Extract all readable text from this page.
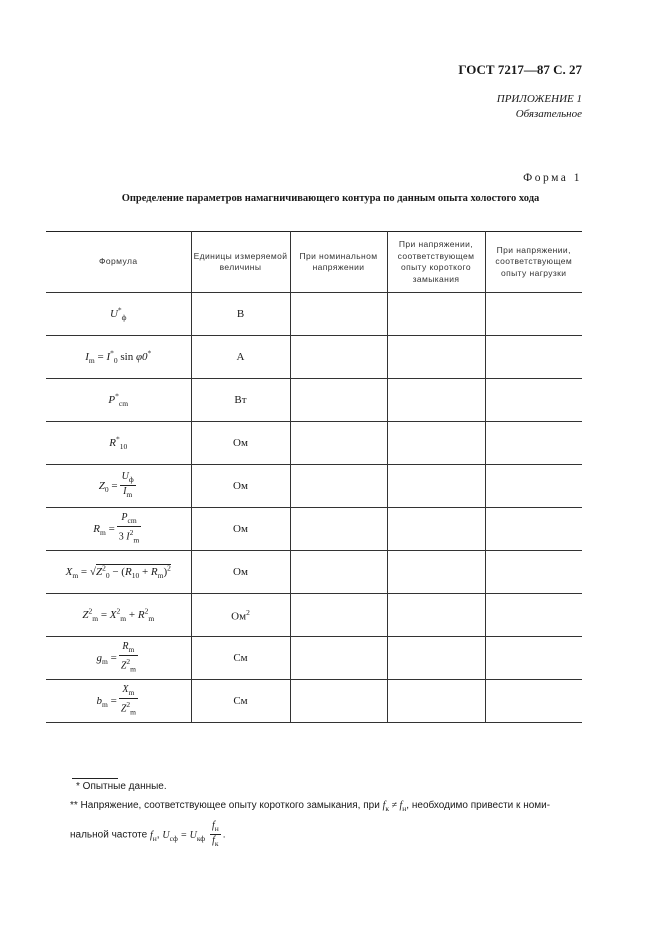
ГОСТ 7217—87 С. 27
ПРИЛОЖЕНИЕ 1
Обязательное
Форма 1
Определение параметров намагничивающего контура по данным опыта холостого хода
Формула	Единицы измеряемой величины	При номинальном напряжении	При напряжении, соответствующем опыту короткого замыкания	При напряжении, соответствующем опыту нагрузки
$U^*_ф$	В			
$I_m = I^*_0$ sin φ0*	А			
$P^*_{cm}$	Вт			
$R^*_{10}$	Ом			
$Z_0 = \frac{U_ф}{I_m}$	Ом			
$R_m = \frac{P_{cm}}{3 I^2_m}$	Ом			
$X_m = √Z^2_0 - (R_{10} + R_m)^2$	Ом			
$Z^2_m = X^2_m + R^2_m$	$Ом^2$			
$g_m = \frac{R_m}{Z^2_m}$	См			
$b_m = \frac{X_m}{Z^2_m}$	См			
* Опытные данные.
** Напряжение, соответствующее опыту короткого замыкания, при $f_к \ne f_н$, необходимо привести к номи-
нальной частоте $f_н$, $U_{сф} = U_{кф} \frac{f_н}{f_к}$ .
